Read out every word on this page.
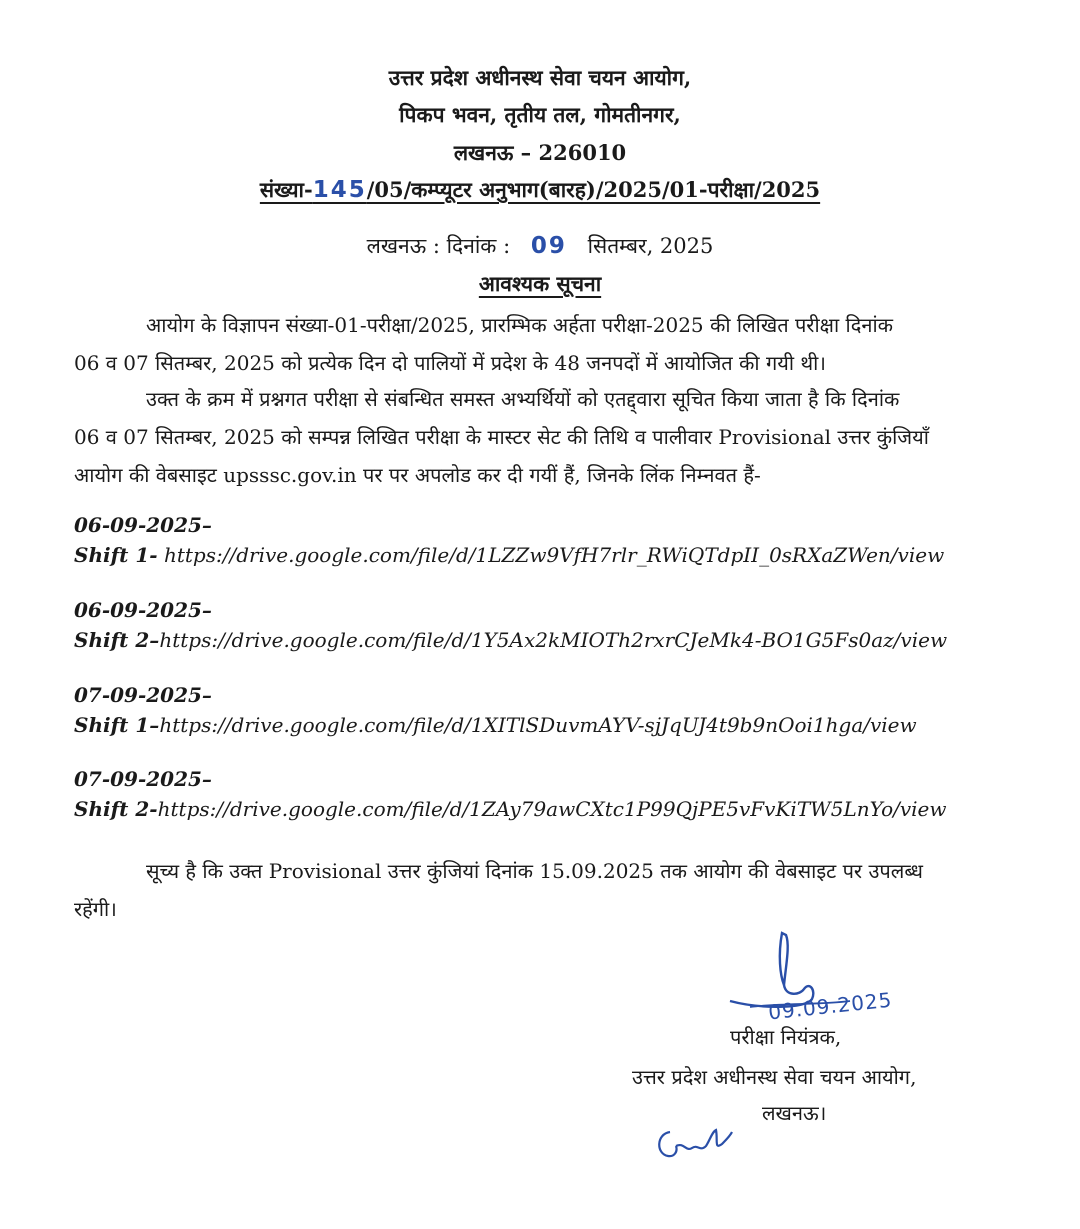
उत्तर प्रदेश अधीनस्थ सेवा चयन आयोग,
पिकप भवन, तृतीय तल, गोमतीनगर,
लखनऊ – 226010
संख्या-145/05/कम्प्यूटर अनुभाग(बारह)/2025/01-परीक्षा/2025
लखनऊ : दिनांक : 09 सितम्बर, 2025
आवश्यक सूचना
आयोग के विज्ञापन संख्या-01-परीक्षा/2025, प्रारम्भिक अर्हता परीक्षा-2025 की लिखित परीक्षा दिनांक
06 व 07 सितम्बर, 2025 को प्रत्येक दिन दो पालियों में प्रदेश के 48 जनपदों में आयोजित की गयी थी।
उक्त के क्रम में प्रश्नगत परीक्षा से संबन्धित समस्त अभ्यर्थियों को एतद्द्वारा सूचित किया जाता है कि दिनांक
06 व 07 सितम्बर, 2025 को सम्पन्न लिखित परीक्षा के मास्टर सेट की तिथि व पालीवार Provisional उत्तर कुंजियाँ
आयोग की वेबसाइट upsssc.gov.in पर पर अपलोड कर दी गयीं हैं, जिनके लिंक निम्नवत हैं-
06-09-2025–
Shift 1- https://drive.google.com/file/d/1LZZw9VfH7rlr_RWiQTdpII_0sRXaZWen/view
06-09-2025–
Shift 2–https://drive.google.com/file/d/1Y5Ax2kMIOTh2rxrCJeMk4-BO1G5Fs0az/view
07-09-2025–
Shift 1–https://drive.google.com/file/d/1XITlSDuvmAYV-sjJqUJ4t9b9nOoi1hga/view
07-09-2025–
Shift 2-https://drive.google.com/file/d/1ZAy79awCXtc1P99QjPE5vFvKiTW5LnYo/view
सूच्य है कि उक्त Provisional उत्तर कुंजियां दिनांक 15.09.2025 तक आयोग की वेबसाइट पर उपलब्ध
रहेंगी।
09.09.2025
परीक्षा नियंत्रक,
उत्तर प्रदेश अधीनस्थ सेवा चयन आयोग,
लखनऊ।
